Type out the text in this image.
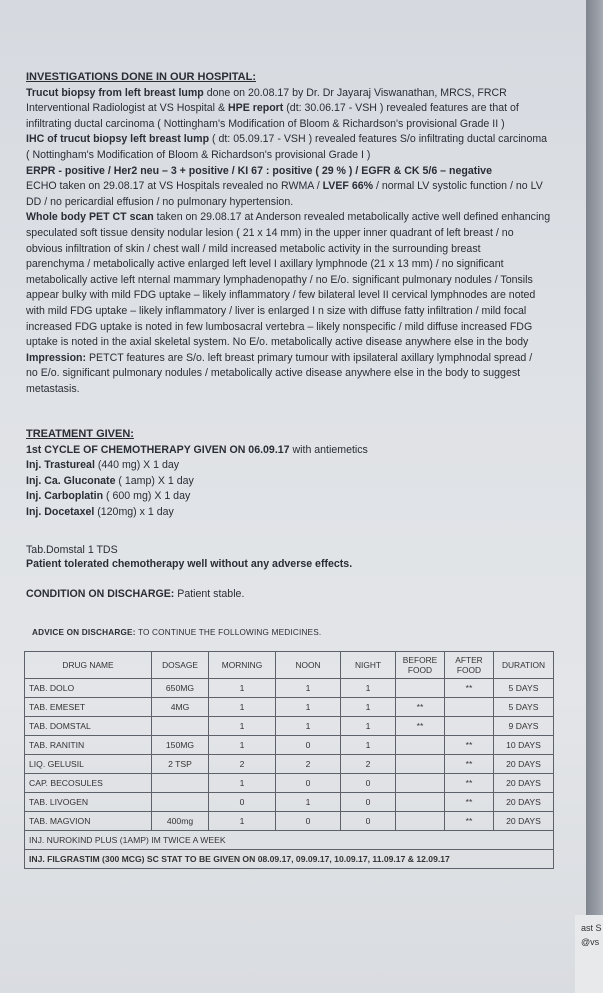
INVESTIGATIONS DONE IN OUR HOSPITAL:
Trucut biopsy from left breast lump done on 20.08.17 by Dr. Dr Jayaraj Viswanathan, MRCS, FRCR
Interventional Radiologist at VS Hospital & HPE report (dt: 30.06.17 - VSH ) revealed features are that of
infiltrating ductal carcinoma ( Nottingham's Modification of Bloom & Richardson's provisional Grade II )
IHC of trucut biopsy left breast lump ( dt: 05.09.17 - VSH ) revealed features S/o infiltrating ductal carcinoma
( Nottingham's Modification of Bloom & Richardson's provisional Grade I )
ERPR - positive / Her2 neu – 3 + positive / KI 67 : positive ( 29 % ) / EGFR & CK 5/6 – negative
ECHO taken on 29.08.17 at VS Hospitals revealed no RWMA / LVEF 66% / normal LV systolic function / no LV
DD / no pericardial effusion / no pulmonary hypertension.
Whole body PET CT scan taken on 29.08.17 at Anderson revealed metabolically active well defined enhancing
speculated soft tissue density nodular lesion ( 21 x 14 mm) in the upper inner quadrant of left breast / no
obvious infiltration of skin / chest wall / mild increased metabolic activity in the surrounding breast
parenchyma / metabolically active enlarged left level I axillary lymphnode (21 x 13 mm) / no significant
metabolically active left nternal mammary lymphadenopathy / no E/o. significant pulmonary nodules / Tonsils
appear bulky with mild FDG uptake – likely inflammatory / few bilateral level II cervical lymphnodes are noted
with mild FDG uptake – likely inflammatory / liver is enlarged I n size with diffuse fatty infiltration / mild focal
increased FDG uptake is noted in few lumbosacral vertebra – likely nonspecific / mild diffuse increased FDG
uptake is noted in the axial skeletal system. No E/o. metabolically active disease anywhere else in the body
Impression: PETCT features are S/o. left breast primary tumour with ipsilateral axillary lymphnodal spread /
no E/o. significant pulmonary nodules / metabolically active disease anywhere else in the body to suggest
metastasis.
TREATMENT GIVEN:
1st CYCLE OF CHEMOTHERAPY GIVEN ON 06.09.17 with antiemetics
Inj. Trastureal (440 mg) X 1 day
Inj. Ca. Gluconate ( 1amp) X 1 day
Inj. Carboplatin ( 600 mg) X 1 day
Inj. Docetaxel (120mg) x 1 day
Tab.Domstal 1 TDS
Patient tolerated chemotherapy well without any adverse effects.
CONDITION ON DISCHARGE: Patient stable.
ADVICE ON DISCHARGE: TO CONTINUE THE FOLLOWING MEDICINES.
DRUG NAME	DOSAGE	MORNING	NOON	NIGHT	BEFORE FOOD	AFTER FOOD	DURATION
TAB. DOLO	650MG	1	1	1		**	5 DAYS
TAB. EMESET	4MG	1	1	1	**		5 DAYS
TAB. DOMSTAL		1	1	1	**		9 DAYS
TAB. RANITIN	150MG	1	0	1		**	10 DAYS
LIQ. GELUSIL	2 TSP	2	2	2		**	20 DAYS
CAP. BECOSULES		1	0	0		**	20 DAYS
TAB. LIVOGEN		0	1	0		**	20 DAYS
TAB. MAGVION	400mg	1	0	0		**	20 DAYS
INJ. NUROKIND PLUS (1AMP) IM TWICE A WEEK							
INJ. FILGRASTIM (300 MCG) SC STAT TO BE GIVEN ON 08.09.17, 09.09.17, 10.09.17, 11.09.17 & 12.09.17							
ast S
@vs
